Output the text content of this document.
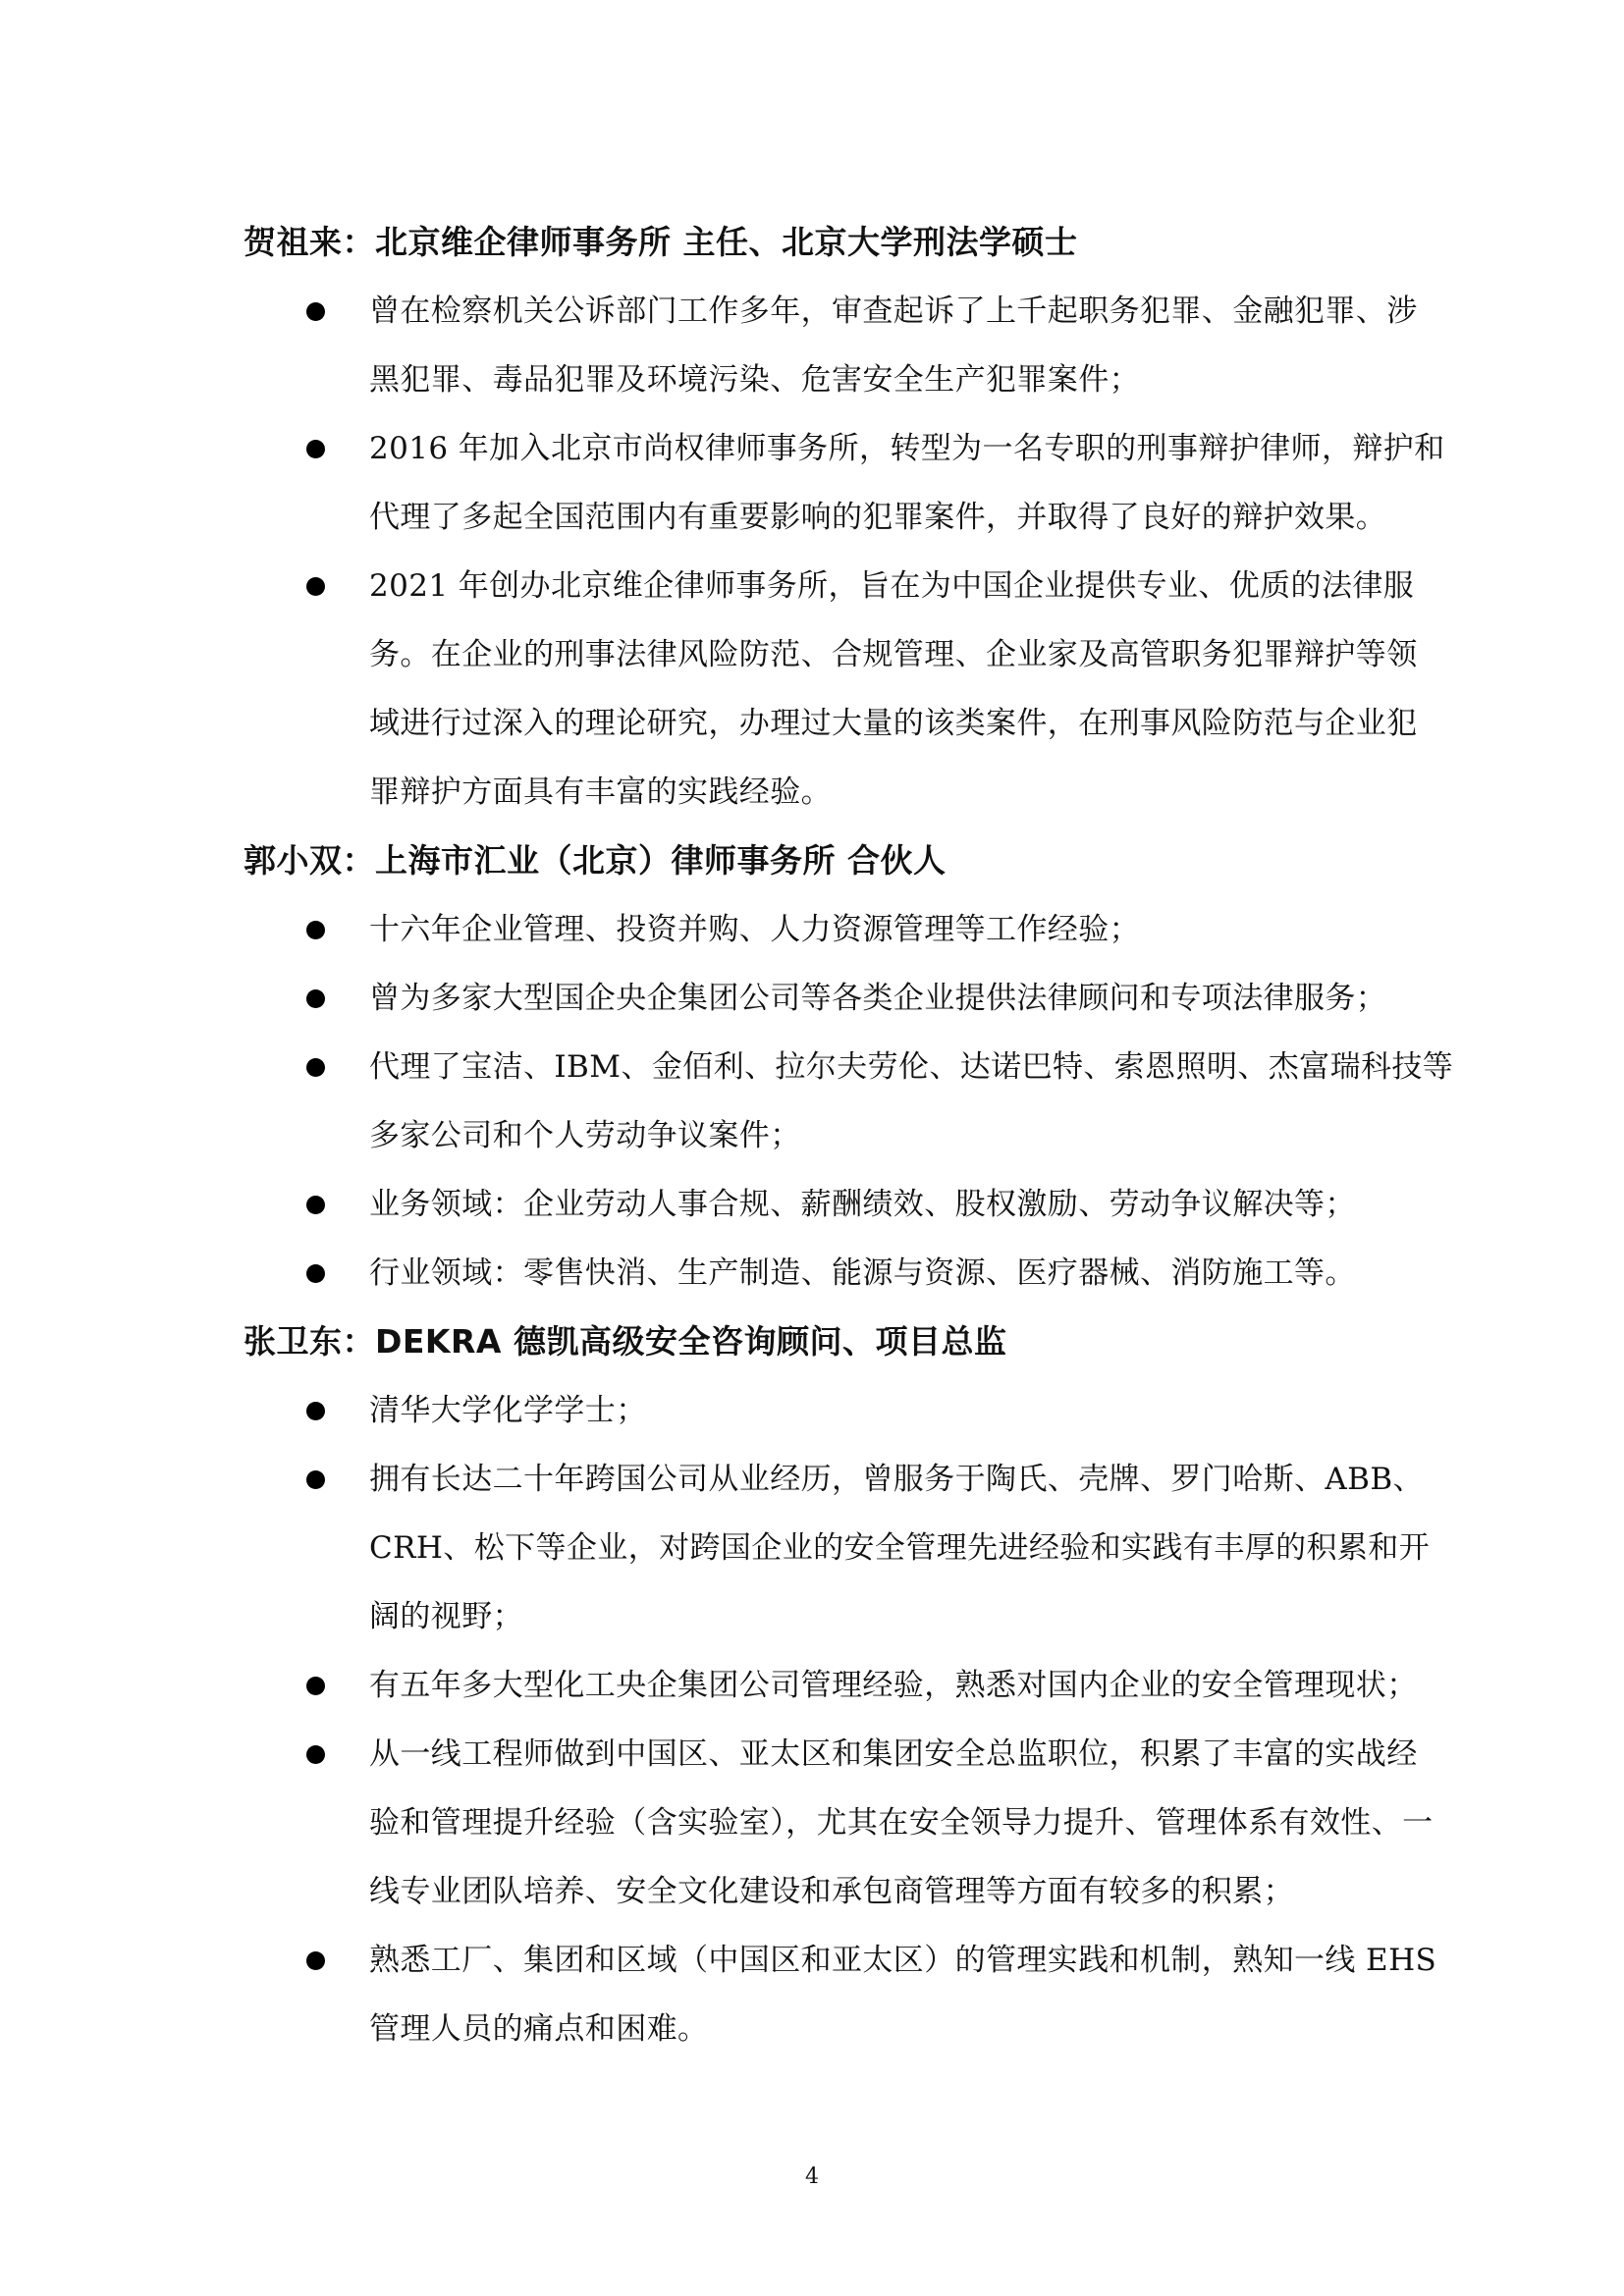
贺祖来：北京维企律师事务所 主任、北京大学刑法学硕士
曾在检察机关公诉部门工作多年，审查起诉了上千起职务犯罪、金融犯罪、涉
黑犯罪、毒品犯罪及环境污染、危害安全生产犯罪案件；
2016 年加入北京市尚权律师事务所，转型为一名专职的刑事辩护律师，辩护和
代理了多起全国范围内有重要影响的犯罪案件，并取得了良好的辩护效果。
2021 年创办北京维企律师事务所，旨在为中国企业提供专业、优质的法律服
务。在企业的刑事法律风险防范、合规管理、企业家及高管职务犯罪辩护等领
域进行过深入的理论研究，办理过大量的该类案件，在刑事风险防范与企业犯
罪辩护方面具有丰富的实践经验。
郭小双：上海市汇业（北京）律师事务所 合伙人
十六年企业管理、投资并购、人力资源管理等工作经验；
曾为多家大型国企央企集团公司等各类企业提供法律顾问和专项法律服务；
代理了宝洁、IBM、金佰利、拉尔夫劳伦、达诺巴特、索恩照明、杰富瑞科技等
多家公司和个人劳动争议案件；
业务领域：企业劳动人事合规、薪酬绩效、股权激励、劳动争议解决等；
行业领域：零售快消、生产制造、能源与资源、医疗器械、消防施工等。
张卫东：DEKRA 德凯高级安全咨询顾问、项目总监
清华大学化学学士；
拥有长达二十年跨国公司从业经历，曾服务于陶氏、壳牌、罗门哈斯、ABB、
CRH、松下等企业，对跨国企业的安全管理先进经验和实践有丰厚的积累和开
阔的视野；
有五年多大型化工央企集团公司管理经验，熟悉对国内企业的安全管理现状；
从一线工程师做到中国区、亚太区和集团安全总监职位，积累了丰富的实战经
验和管理提升经验（含实验室），尤其在安全领导力提升、管理体系有效性、一
线专业团队培养、安全文化建设和承包商管理等方面有较多的积累；
熟悉工厂、集团和区域（中国区和亚太区）的管理实践和机制，熟知一线 EHS
管理人员的痛点和困难。
4
